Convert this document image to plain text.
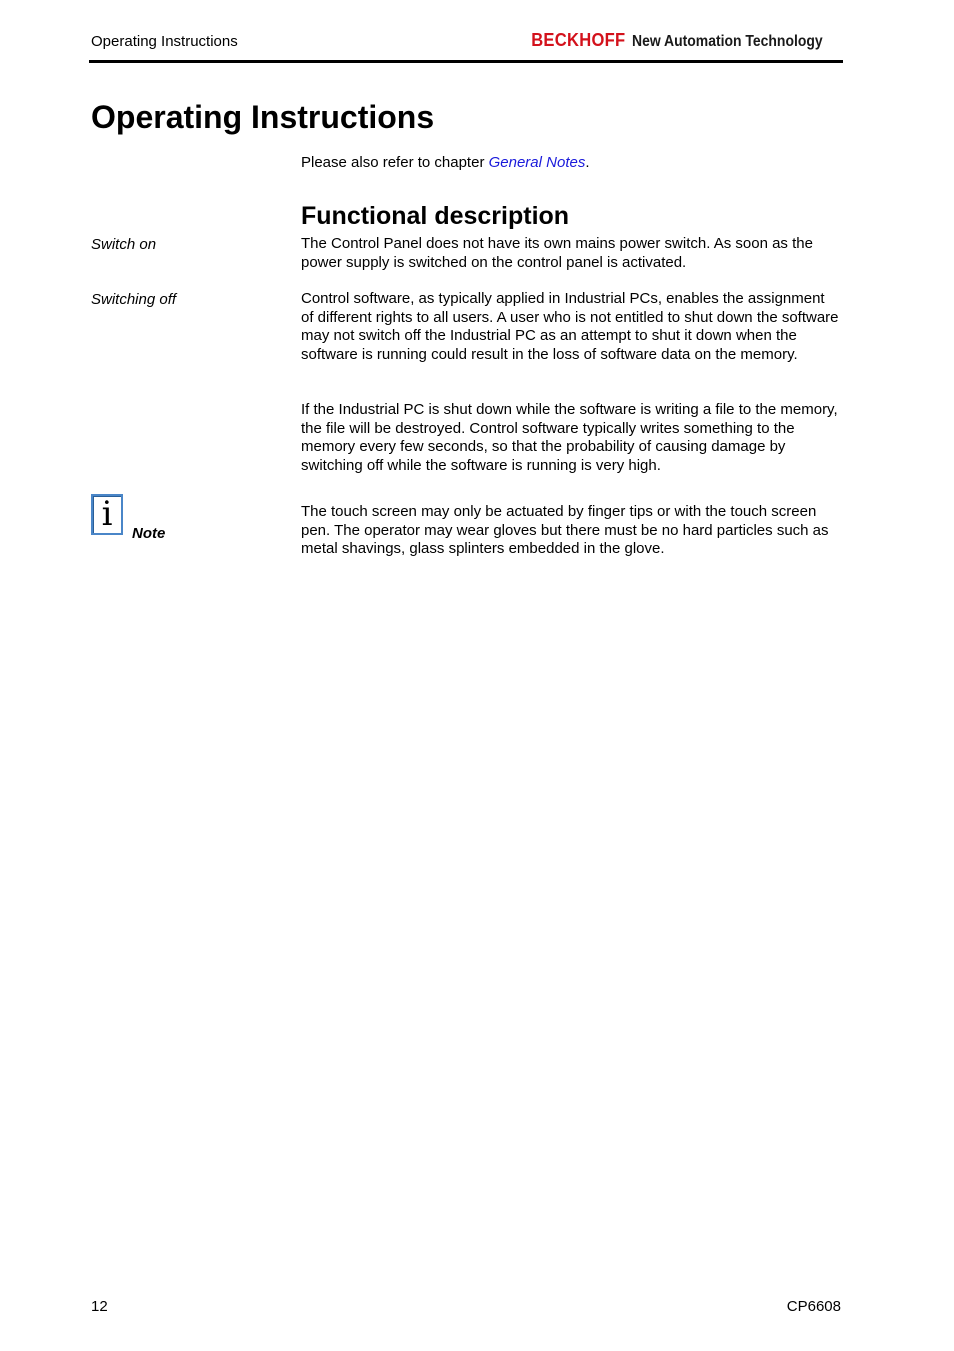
Operating Instructions	BECKHOFF New Automation Technology
Operating Instructions

Please also refer to chapter General Notes.

Functional description
Switch on	The Control Panel does not have its own mains power switch. As soon as the power supply is switched on the control panel is activated.

Switching off	Control software, as typically applied in Industrial PCs, enables the assignment of different rights to all users. A user who is not entitled to shut down the software may not switch off the Industrial PC as an attempt to shut it down when the software is running could result in the loss of software data on the memory.

If the Industrial PC is shut down while the software is writing a file to the memory, the file will be destroyed. Control software typically writes something to the memory every few seconds, so that the probability of causing damage by switching off while the software is running is very high.

i Note

The touch screen may only be actuated by finger tips or with the touch screen pen. The operator may wear gloves but there must be no hard particles such as metal shavings, glass splinters embedded in the glove.

12	CP6608
